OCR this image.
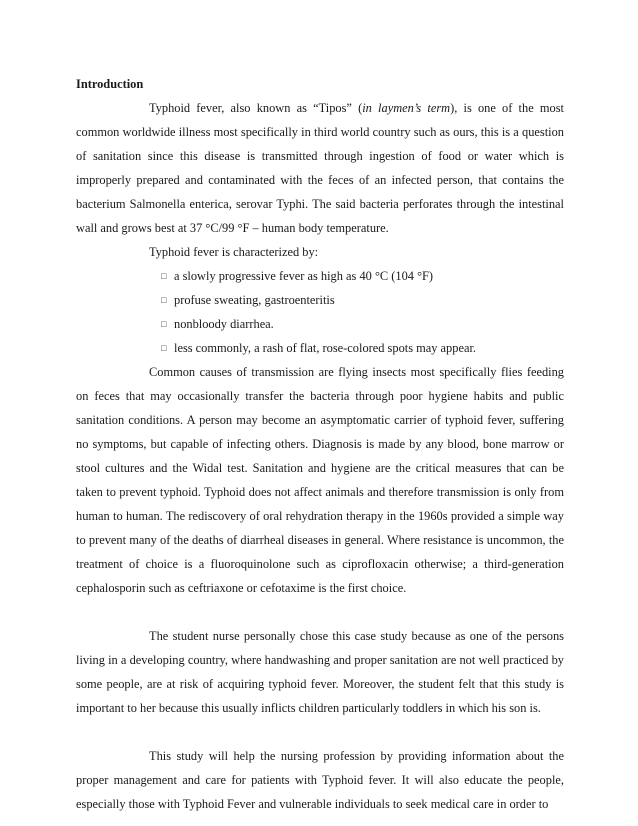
Introduction

Typhoid fever, also known as “Tipos” (in laymen’s term), is one of the most common worldwide illness most specifically in third world country such as ours, this is a question of sanitation since this disease is transmitted through ingestion of food or water which is improperly prepared and contaminated with the feces of an infected person, that contains the bacterium Salmonella enterica, serovar Typhi. The said bacteria perforates through the intestinal wall and grows best at 37 °C/99 °F – human body temperature.

Typhoid fever is characterized by:
□ a slowly progressive fever as high as 40 °C (104 °F)
□ profuse sweating, gastroenteritis
□ nonbloody diarrhea.
□ less commonly, a rash of flat, rose-colored spots may appear.

Common causes of transmission are flying insects most specifically flies feeding on feces that may occasionally transfer the bacteria through poor hygiene habits and public sanitation conditions. A person may become an asymptomatic carrier of typhoid fever, suffering no symptoms, but capable of infecting others. Diagnosis is made by any blood, bone marrow or stool cultures and the Widal test. Sanitation and hygiene are the critical measures that can be taken to prevent typhoid. Typhoid does not affect animals and therefore transmission is only from human to human. The rediscovery of oral rehydration therapy in the 1960s provided a simple way to prevent many of the deaths of diarrheal diseases in general. Where resistance is uncommon, the treatment of choice is a fluoroquinolone such as ciprofloxacin otherwise; a third-generation cephalosporin such as ceftriaxone or cefotaxime is the first choice.

The student nurse personally chose this case study because as one of the persons living in a developing country, where handwashing and proper sanitation are not well practiced by some people, are at risk of acquiring typhoid fever. Moreover, the student felt that this study is important to her because this usually inflicts children particularly toddlers in which his son is.

This study will help the nursing profession by providing information about the proper management and care for patients with Typhoid fever. It will also educate the people, especially those with Typhoid Fever and vulnerable individuals to seek medical care in order to
